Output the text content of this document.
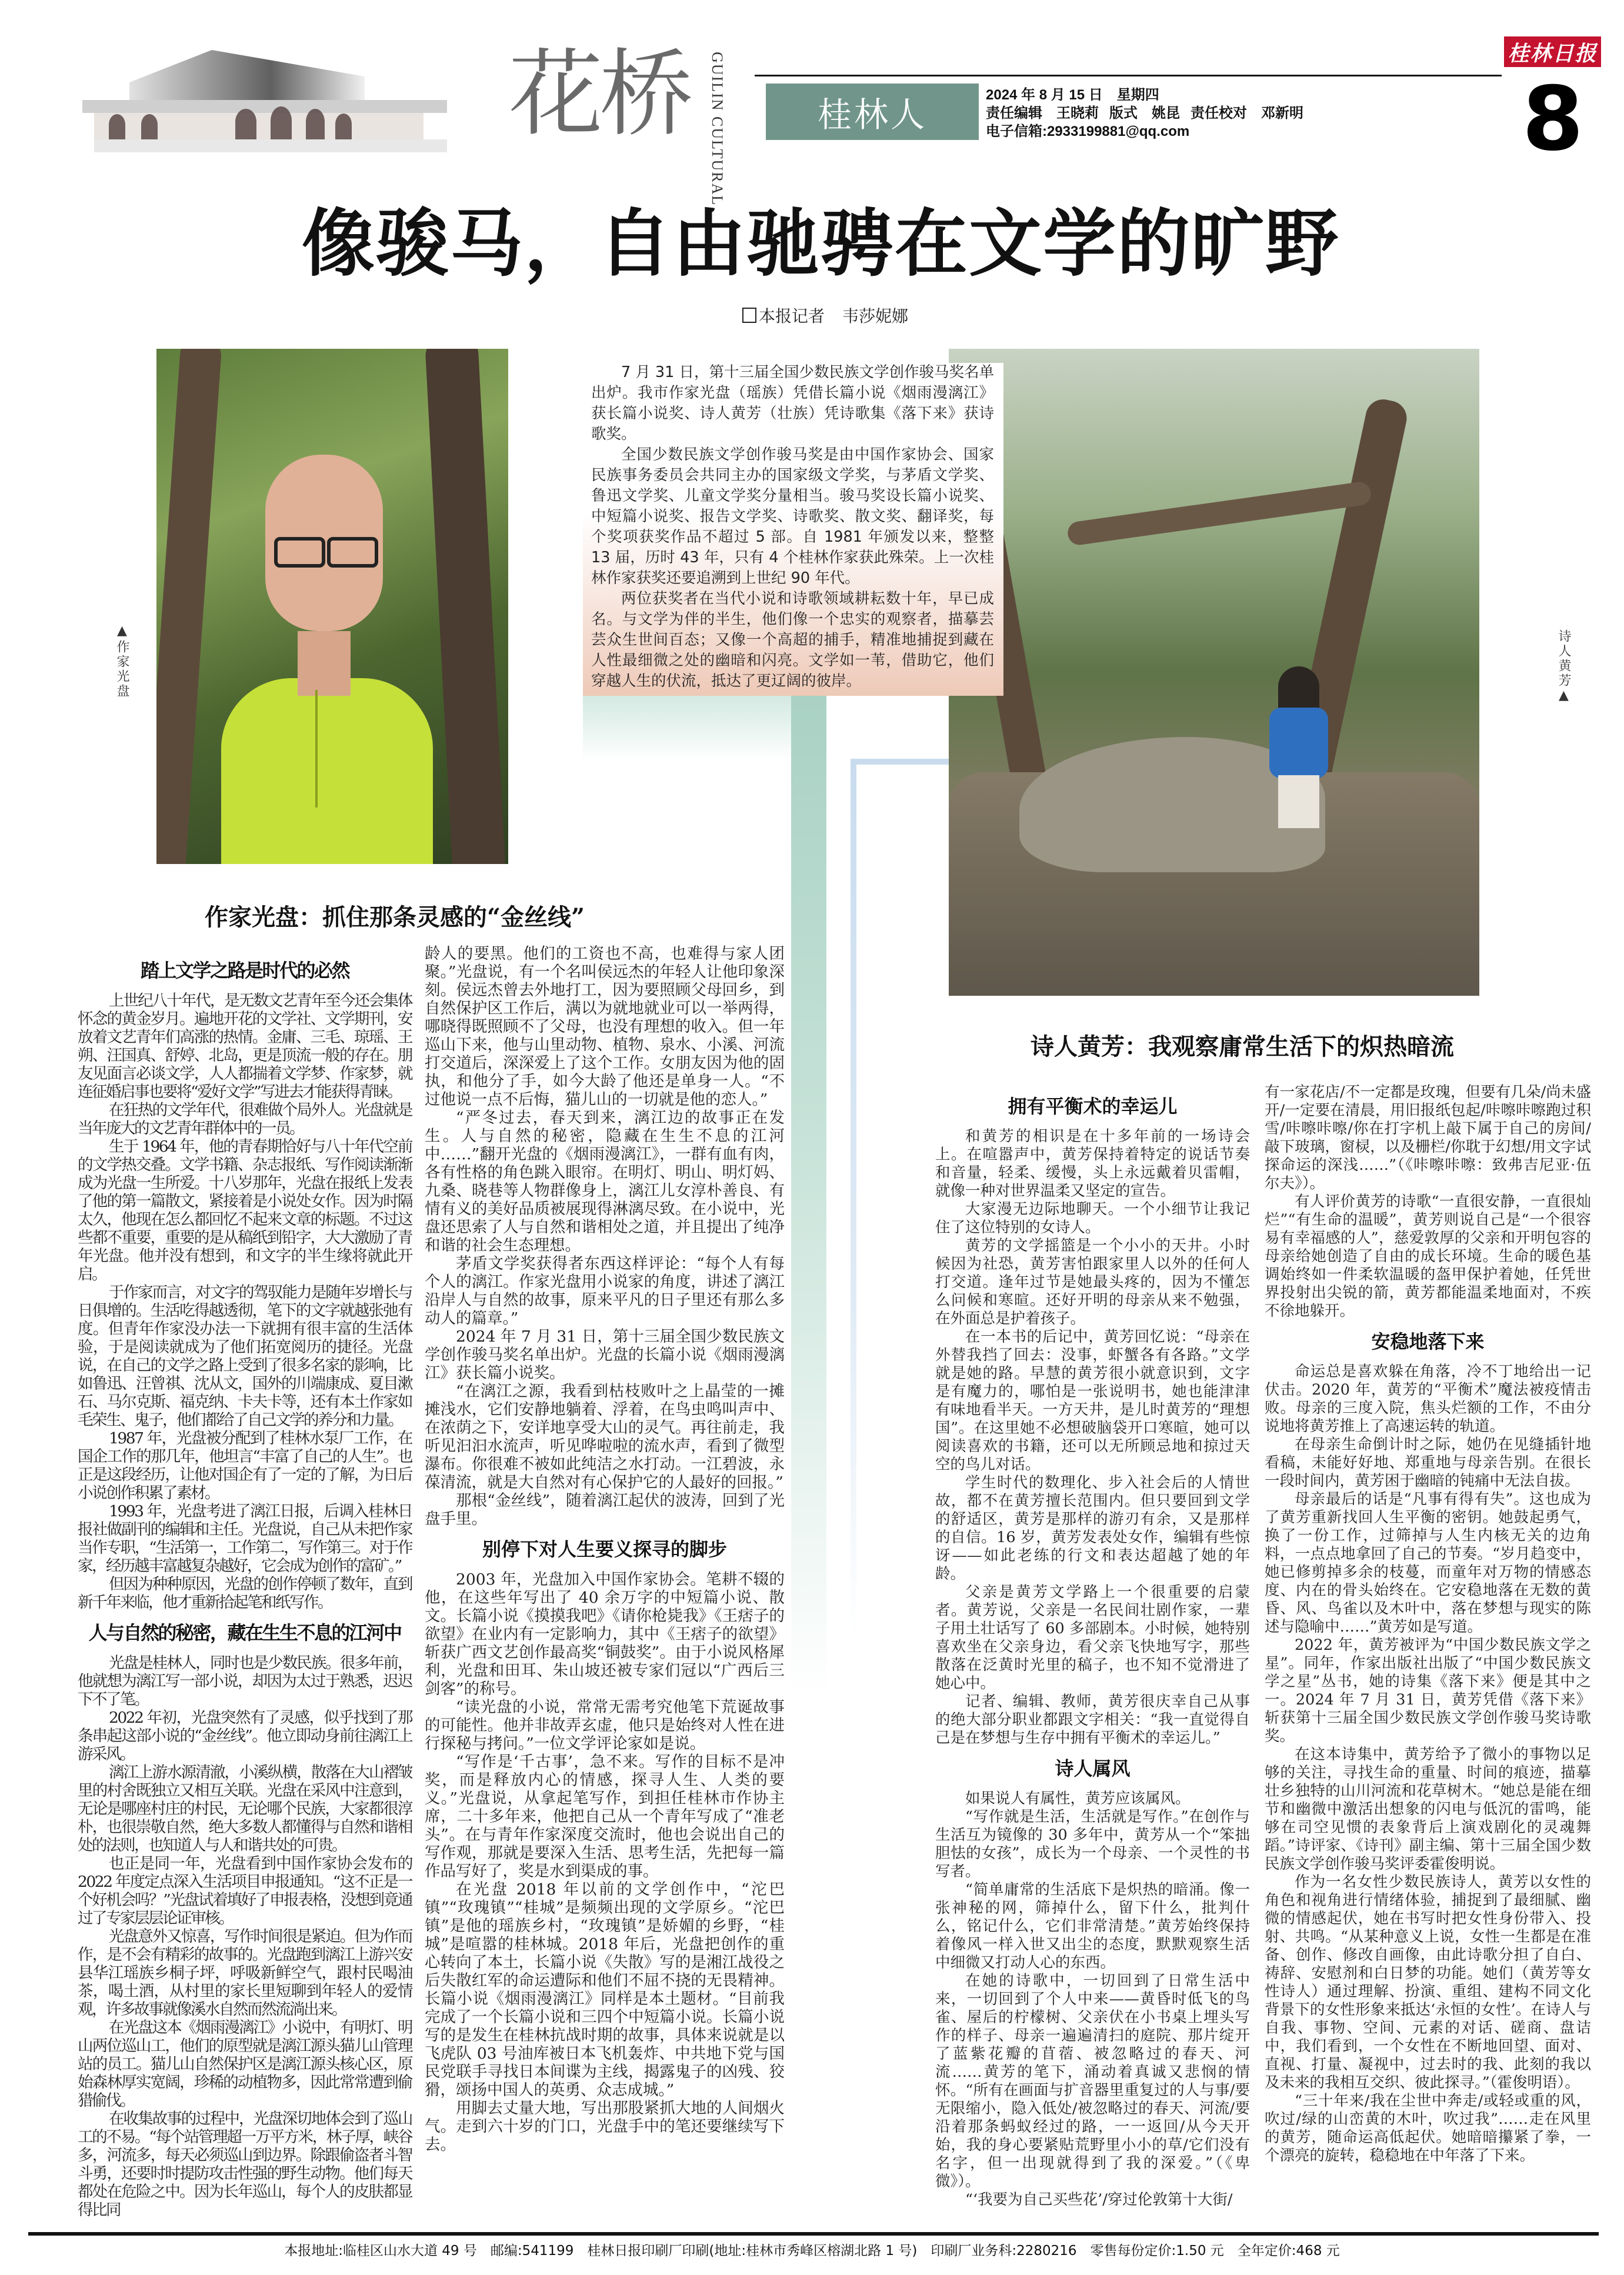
花桥 GUILIN CULTURAL	桂林人	2024 年 8 月 15 日　星期四
责任编辑　王晓莉 版式　姚昆 责任校对　邓新明
电子信箱:2933199881@qq.com
桂林日报
8
像骏马，自由驰骋在文学的旷野
本报记者 韦莎妮娜
▲作家光盘	诗人黄芳▲

7 月 31 日，第十三届全国少数民族文学创作骏马奖名单出炉。我市作家光盘（瑶族）凭借长篇小说《烟雨漫漓江》获长篇小说奖、诗人黄芳（壮族）凭诗歌集《落下来》获诗歌奖。

全国少数民族文学创作骏马奖是由中国作家协会、国家民族事务委员会共同主办的国家级文学奖，与茅盾文学奖、鲁迅文学奖、儿童文学奖分量相当。骏马奖设长篇小说奖、中短篇小说奖、报告文学奖、诗歌奖、散文奖、翻译奖，每个奖项获奖作品不超过 5 部。自 1981 年颁发以来，整整 13 届，历时 43 年，只有 4 个桂林作家获此殊荣。上一次桂林作家获奖还要追溯到上世纪 90 年代。

两位获奖者在当代小说和诗歌领域耕耘数十年，早已成名。与文学为伴的半生，他们像一个忠实的观察者，描摹芸芸众生世间百态；又像一个高超的捕手，精准地捕捉到藏在人性最细微之处的幽暗和闪亮。文学如一苇，借助它，他们穿越人生的伏流，抵达了更辽阔的彼岸。

作家光盘：抓住那条灵感的“金丝线”
诗人黄芳：我观察庸常生活下的炽热暗流
踏上文学之路是时代的必然

上世纪八十年代，是无数文艺青年至今还会集体怀念的黄金岁月。遍地开花的文学社、文学期刊，安放着文艺青年们高涨的热情。金庸、三毛、琼瑶、王朔、汪国真、舒婷、北岛，更是顶流一般的存在。朋友见面言必谈文学，人人都揣着文学梦、作家梦，就连征婚启事也要将“爱好文学”写进去才能获得青睐。

在狂热的文学年代，很难做个局外人。光盘就是当年庞大的文艺青年群体中的一员。

生于 1964 年，他的青春期恰好与八十年代空前的文学热交叠。文学书籍、杂志报纸、写作阅读渐渐成为光盘一生所爱。十八岁那年，光盘在报纸上发表了他的第一篇散文，紧接着是小说处女作。因为时隔太久，他现在怎么都回忆不起来文章的标题。不过这些都不重要，重要的是从稿纸到铅字，大大激励了青年光盘。他并没有想到，和文字的半生缘将就此开启。

于作家而言，对文字的驾驭能力是随年岁增长与日俱增的。生活吃得越透彻，笔下的文字就越张弛有度。但青年作家没办法一下就拥有很丰富的生活体验，于是阅读就成为了他们拓宽阅历的捷径。光盘说，在自己的文学之路上受到了很多名家的影响，比如鲁迅、汪曾祺、沈从文，国外的川端康成、夏目漱石、马尔克斯、福克纳、卡夫卡等，还有本土作家如毛荣生、鬼子，他们都给了自己文学的养分和力量。

1987 年，光盘被分配到了桂林水泵厂工作，在国企工作的那几年，他坦言“丰富了自己的人生”。也正是这段经历，让他对国企有了一定的了解，为日后小说创作积累了素材。

1993 年，光盘考进了漓江日报，后调入桂林日报社做副刊的编辑和主任。光盘说，自己从未把作家当作专职，“生活第一，工作第二，写作第三。对于作家，经历越丰富越复杂越好，它会成为创作的富矿。”

但因为种种原因，光盘的创作停顿了数年，直到新千年来临，他才重新拾起笔和纸写作。

人与自然的秘密，藏在生生不息的江河中

光盘是桂林人，同时也是少数民族。很多年前，他就想为漓江写一部小说，却因为太过于熟悉，迟迟下不了笔。

2022 年初，光盘突然有了灵感，似乎找到了那条串起这部小说的“金丝线”。他立即动身前往漓江上游采风。

漓江上游水源清澈，小溪纵横，散落在大山褶皱里的村舍既独立又相互关联。光盘在采风中注意到，无论是哪座村庄的村民，无论哪个民族，大家都很淳朴，也很崇敬自然，绝大多数人都懂得与自然和谐相处的法则，也知道人与人和谐共处的可贵。

也正是同一年，光盘看到中国作家协会发布的 2022 年度定点深入生活项目申报通知。“这不正是一个好机会吗？”光盘试着填好了申报表格，没想到竟通过了专家层层论证审核。

光盘意外又惊喜，写作时间很是紧迫。但为作而作，是不会有精彩的故事的。光盘跑到漓江上游兴安县华江瑶族乡桐子坪，呼吸新鲜空气，跟村民喝油茶，喝土酒，从村里的家长里短聊到年轻人的爱情观，许多故事就像溪水自然而然流淌出来。

在光盘这本《烟雨漫漓江》小说中，有明灯、明山两位巡山工，他们的原型就是漓江源头猫儿山管理站的员工。猫儿山自然保护区是漓江源头核心区，原始森林厚实宽阔，珍稀的动植物多，因此常常遭到偷猎偷伐。

在收集故事的过程中，光盘深切地体会到了巡山工的不易。“每个站管理超一万平方米，林子厚，峡谷多，河流多，每天必须巡山到边界。除跟偷盗者斗智斗勇，还要时时提防攻击性强的野生动物。他们每天都处在危险之中。因为长年巡山，每个人的皮肤都显得比同

龄人的要黑。他们的工资也不高，也难得与家人团聚。”光盘说，有一个名叫侯远杰的年轻人让他印象深刻。侯远杰曾去外地打工，因为要照顾父母回乡，到自然保护区工作后，满以为就地就业可以一举两得，哪晓得既照顾不了父母，也没有理想的收入。但一年巡山下来，他与山里动物、植物、泉水、小溪、河流打交道后，深深爱上了这个工作。女朋友因为他的固执，和他分了手，如今大龄了他还是单身一人。“不过他说一点不后悔，猫儿山的一切就是他的恋人。”

“严冬过去，春天到来，漓江边的故事正在发生。人与自然的秘密，隐藏在生生不息的江河中……”翻开光盘的《烟雨漫漓江》，一群有血有肉，各有性格的角色跳入眼帘。在明灯、明山、明灯妈、九桑、晓巷等人物群像身上，漓江儿女淳朴善良、有情有义的美好品质被展现得淋漓尽致。在小说中，光盘还思索了人与自然和谐相处之道，并且提出了纯净和谐的社会生态理想。

茅盾文学奖获得者东西这样评论：“每个人有每个人的漓江。作家光盘用小说家的角度，讲述了漓江沿岸人与自然的故事，原来平凡的日子里还有那么多动人的篇章。”

2024 年 7 月 31 日，第十三届全国少数民族文学创作骏马奖名单出炉。光盘的长篇小说《烟雨漫漓江》获长篇小说奖。

“在漓江之源，我看到枯枝败叶之上晶莹的一摊摊浅水，它们安静地躺着、浮着，在鸟虫鸣叫声中、在浓荫之下，安详地享受大山的灵气。再往前走，我听见汩汩水流声，听见哗啦啦的流水声，看到了微型瀑布。你很难不被如此纯洁之水打动。一江碧波，永葆清流，就是大自然对有心保护它的人最好的回报。”

那根“金丝线”，随着漓江起伏的波涛，回到了光盘手里。

别停下对人生要义探寻的脚步

2003 年，光盘加入中国作家协会。笔耕不辍的他，在这些年写出了 40 余万字的中短篇小说、散文。长篇小说《摸摸我吧》《请你枪毙我》《王痞子的欲望》在业内有一定影响力，其中《王痞子的欲望》斩获广西文艺创作最高奖“铜鼓奖”。由于小说风格犀利，光盘和田耳、朱山坡还被专家们冠以“广西后三剑客”的称号。

“读光盘的小说，常常无需考究他笔下荒诞故事的可能性。他并非故弄玄虚，他只是始终对人性在进行探秘与拷问。”一位文学评论家如是说。

“写作是‘千古事’，急不来。写作的目标不是冲奖，而是释放内心的情感，探寻人生、人类的要义。”光盘说，从拿起笔写作，到担任桂林市作协主席，二十多年来，他把自己从一个青年写成了“准老头”。在与青年作家深度交流时，他也会说出自己的写作观，那就是要深入生活、思考生活，先把每一篇作品写好了，奖是水到渠成的事。

在光盘 2018 年以前的文学创作中，“沱巴镇”“玫瑰镇”“桂城”是频频出现的文学原乡。“沱巴镇”是他的瑶族乡村，“玫瑰镇”是娇媚的乡野，“桂城”是喧嚣的桂林城。2018 年后，光盘把创作的重心转向了本土，长篇小说《失散》写的是湘江战役之后失散红军的命运遭际和他们不屈不挠的无畏精神。长篇小说《烟雨漫漓江》同样是本土题材。“目前我完成了一个长篇小说和三四个中短篇小说。长篇小说写的是发生在桂林抗战时期的故事，具体来说就是以飞虎队 03 号油库被日本飞机轰炸、中共地下党与国民党联手寻找日本间谍为主线，揭露鬼子的凶残、狡猾，颂扬中国人的英勇、众志成城。”

用脚去丈量大地，写出那股紧抓大地的人间烟火气。走到六十岁的门口，光盘手中的笔还要继续写下去。

拥有平衡术的幸运儿

和黄芳的相识是在十多年前的一场诗会上。在喧嚣声中，黄芳保持着特定的说话节奏和音量，轻柔、缓慢，头上永远戴着贝雷帽，就像一种对世界温柔又坚定的宣告。

大家漫无边际地聊天。一个小细节让我记住了这位特别的女诗人。

黄芳的文学摇篮是一个小小的天井。小时候因为社恐，黄芳害怕跟家里人以外的任何人打交道。逢年过节是她最头疼的，因为不懂怎么问候和寒暄。还好开明的母亲从来不勉强，在外面总是护着孩子。

在一本书的后记中，黄芳回忆说：“母亲在外替我挡了回去：没事，虾蟹各有各路。”文学就是她的路。早慧的黄芳很小就意识到，文字是有魔力的，哪怕是一张说明书，她也能津津有味地看半天。一方天井，是儿时黄芳的“理想国”。在这里她不必想破脑袋开口寒暄，她可以阅读喜欢的书籍，还可以无所顾忌地和掠过天空的鸟儿对话。

学生时代的数理化、步入社会后的人情世故，都不在黄芳擅长范围内。但只要回到文学的舒适区，黄芳是那样的游刃有余，又是那样的自信。16 岁，黄芳发表处女作，编辑有些惊讶——如此老练的行文和表达超越了她的年龄。

父亲是黄芳文学路上一个很重要的启蒙者。黄芳说，父亲是一名民间壮剧作家，一辈子用土壮话写了 60 多部剧本。小时候，她特别喜欢坐在父亲身边，看父亲飞快地写字，那些散落在泛黄时光里的稿子，也不知不觉滑进了她心中。

记者、编辑、教师，黄芳很庆幸自己从事的绝大部分职业都跟文字相关：“我一直觉得自己是在梦想与生存中拥有平衡术的幸运儿。”

诗人属风

如果说人有属性，黄芳应该属风。

“写作就是生活，生活就是写作。”在创作与生活互为镜像的 30 多年中，黄芳从一个“笨拙胆怯的女孩”，成长为一个母亲、一个灵性的书写者。

“简单庸常的生活底下是炽热的暗涌。像一张神秘的网，筛掉什么，留下什么，批判什么，铭记什么，它们非常清楚。”黄芳始终保持着像风一样入世又出尘的态度，默默观察生活中细微又打动人心的东西。

在她的诗歌中，一切回到了日常生活中来，一切回到了个人中来——黄昏时低飞的鸟雀、屋后的柠檬树、父亲伏在小书桌上埋头写作的样子、母亲一遍遍清扫的庭院、那片绽开了蓝紫花瓣的苜蓿、被忽略过的春天、河流……黄芳的笔下，涌动着真诚又悲悯的情怀。“所有在画面与扩音器里重复过的人与事/要无限缩小，隐入低处/被忽略过的春天、河流/要沿着那条蚂蚁经过的路，一一返回/从今天开始，我的身心要紧贴荒野里小小的草/它们没有名字，但一出现就得到了我的深爱。”（《卑微》）。

“‘我要为自己买些花’/穿过伦敦第十大街/

有一家花店/不一定都是玫瑰，但要有几朵/尚未盛开/一定要在清晨，用旧报纸包起/咔嚓咔嚓跑过积雪/咔嚓咔嚓/你在打字机上敲下属于自己的房间/敲下玻璃，窗棂，以及栅栏/你耽于幻想/用文字试探命运的深浅……”（《咔嚓咔嚓：致弗吉尼亚·伍尔夫》）。

有人评价黄芳的诗歌“一直很安静，一直很灿烂”“有生命的温暖”，黄芳则说自己是“一个很容易有幸福感的人”，慈爱敦厚的父亲和开明包容的母亲给她创造了自由的成长环境。生命的暖色基调始终如一件柔软温暖的盔甲保护着她，任凭世界投射出尖锐的箭，黄芳都能温柔地面对，不疾不徐地躲开。

安稳地落下来

命运总是喜欢躲在角落，冷不丁地给出一记伏击。2020 年，黄芳的“平衡术”魔法被疫情击败。母亲的三度入院，焦头烂额的工作，不由分说地将黄芳推上了高速运转的轨道。

在母亲生命倒计时之际，她仍在见缝插针地看稿，未能好好地、郑重地与母亲告别。在很长一段时间内，黄芳困于幽暗的钝痛中无法自拔。

母亲最后的话是“凡事有得有失”。这也成为了黄芳重新找回人生平衡的密钥。她鼓起勇气，换了一份工作，过筛掉与人生内核无关的边角料，一点点地拿回了自己的节奏。“岁月趋变中，她已修剪掉多余的枝蔓，而童年对万物的情感态度、内在的骨头始终在。它安稳地落在无数的黄昏、风、鸟雀以及木叶中，落在梦想与现实的陈述与隐喻中……”黄芳如是写道。

2022 年，黄芳被评为“中国少数民族文学之星”。同年，作家出版社出版了“中国少数民族文学之星”丛书，她的诗集《落下来》便是其中之一。2024 年 7 月 31 日，黄芳凭借《落下来》斩获第十三届全国少数民族文学创作骏马奖诗歌奖。

在这本诗集中，黄芳给予了微小的事物以足够的关注，寻找生命的重量、时间的痕迹，描摹壮乡独特的山川河流和花草树木。“她总是能在细节和幽微中激活出想象的闪电与低沉的雷鸣，能够在司空见惯的表象背后上演戏剧化的灵魂舞蹈。”诗评家、《诗刊》副主编、第十三届全国少数民族文学创作骏马奖评委霍俊明说。

作为一名女性少数民族诗人，黄芳以女性的角色和视角进行情绪体验，捕捉到了最细腻、幽微的情感起伏，她在书写时把女性身份带入、投射、共鸣。“从某种意义上说，女性一生都是在准备、创作、修改自画像，由此诗歌分担了自白、祷辞、安慰剂和白日梦的功能。她们（黄芳等女性诗人）通过理解、扮演、重组、建构不同文化背景下的女性形象来抵达‘永恒的女性’。在诗人与自我、事物、空间、元素的对话、磋商、盘诘中，我们看到，一个女性在不断地回望、面对、直视、打量、凝视中，过去时的我、此刻的我以及未来的我相互交织、彼此探寻。”（霍俊明语）。

“三十年来/我在尘世中奔走/或轻或重的风，吹过/绿的山峦黄的木叶，吹过我”……走在风里的黄芳，随命运高低起伏。她暗暗攥紧了拳，一个漂亮的旋转，稳稳地在中年落了下来。

本报地址:临桂区山水大道 49 号　邮编:541199　桂林日报印刷厂印刷(地址:桂林市秀峰区榕湖北路 1 号)　印刷厂业务科:2280216　零售每份定价:1.50 元　全年定价:468 元
